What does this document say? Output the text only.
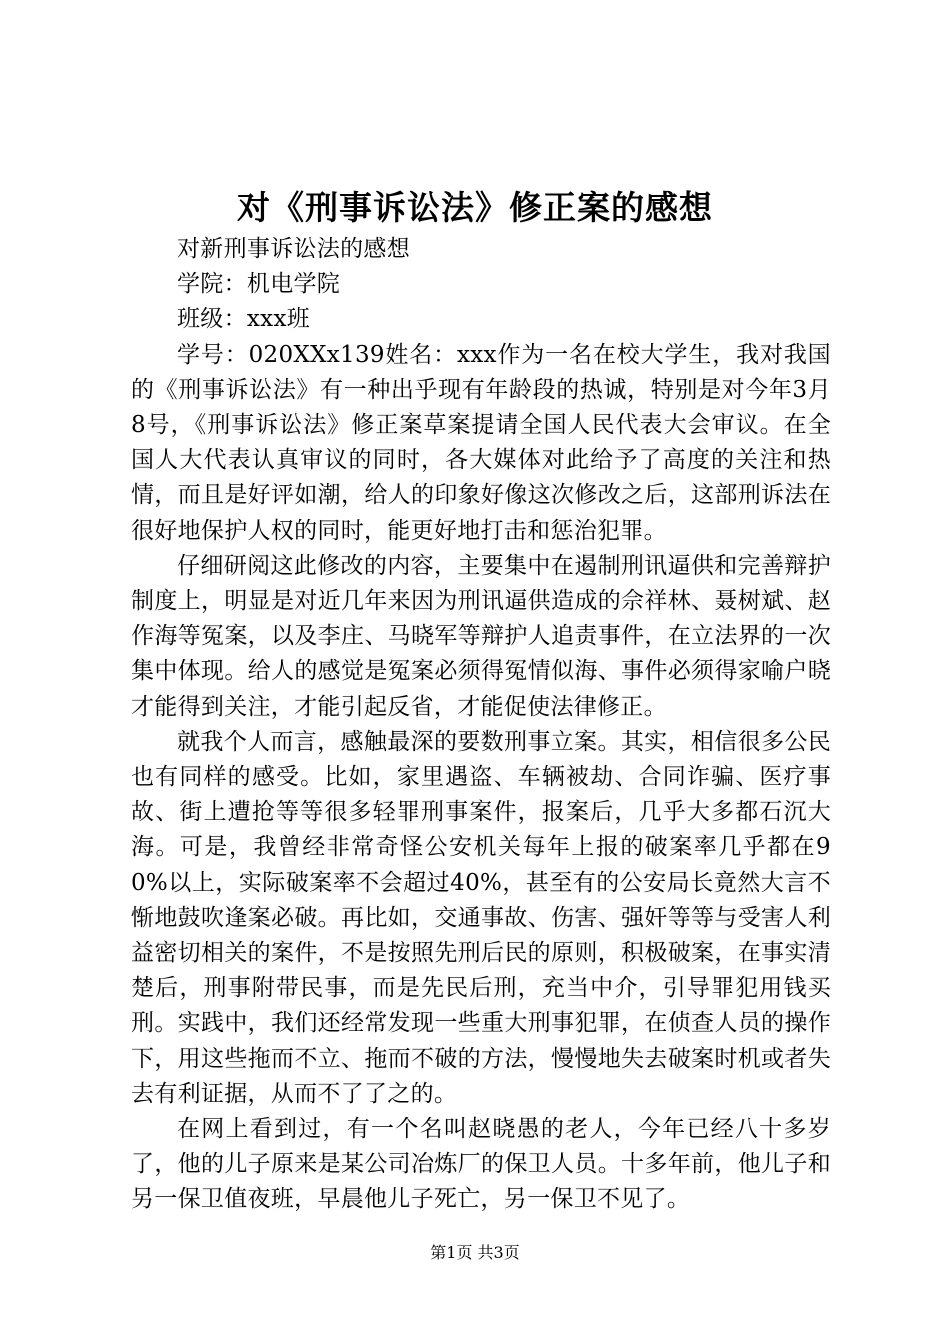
对《刑事诉讼法》修正案的感想

对新刑事诉讼法的感想

学院：机电学院

班级：xxx班

学号：020XXx139姓名：xxx作为一名在校大学生，我对我国的《刑事诉讼法》有一种出乎现有年龄段的热诚，特别是对今年3月8号，《刑事诉讼法》修正案草案提请全国人民代表大会审议。在全国人大代表认真审议的同时，各大媒体对此给予了高度的关注和热情，而且是好评如潮，给人的印象好像这次修改之后，这部刑诉法在很好地保护人权的同时，能更好地打击和惩治犯罪。

仔细研阅这此修改的内容，主要集中在遏制刑讯逼供和完善辩护制度上，明显是对近几年来因为刑讯逼供造成的佘祥林、聂树斌、赵作海等冤案，以及李庄、马晓军等辩护人追责事件，在立法界的一次集中体现。给人的感觉是冤案必须得冤情似海、事件必须得家喻户晓才能得到关注，才能引起反省，才能促使法律修正。

就我个人而言，感触最深的要数刑事立案。其实，相信很多公民也有同样的感受。比如，家里遇盗、车辆被劫、合同诈骗、医疗事故、街上遭抢等等很多轻罪刑事案件，报案后，几乎大多都石沉大海。可是，我曾经非常奇怪公安机关每年上报的破案率几乎都在90%以上，实际破案率不会超过40%，甚至有的公安局长竟然大言不惭地鼓吹逢案必破。再比如，交通事故、伤害、强奸等等与受害人利益密切相关的案件，不是按照先刑后民的原则，积极破案，在事实清楚后，刑事附带民事，而是先民后刑，充当中介，引导罪犯用钱买刑。实践中，我们还经常发现一些重大刑事犯罪，在侦查人员的操作下，用这些拖而不立、拖而不破的方法，慢慢地失去破案时机或者失去有利证据，从而不了了之的。

在网上看到过，有一个名叫赵晓愚的老人，今年已经八十多岁了，他的儿子原来是某公司冶炼厂的保卫人员。十多年前，他儿子和另一保卫值夜班，早晨他儿子死亡，另一保卫不见了。

第1页 共3页
